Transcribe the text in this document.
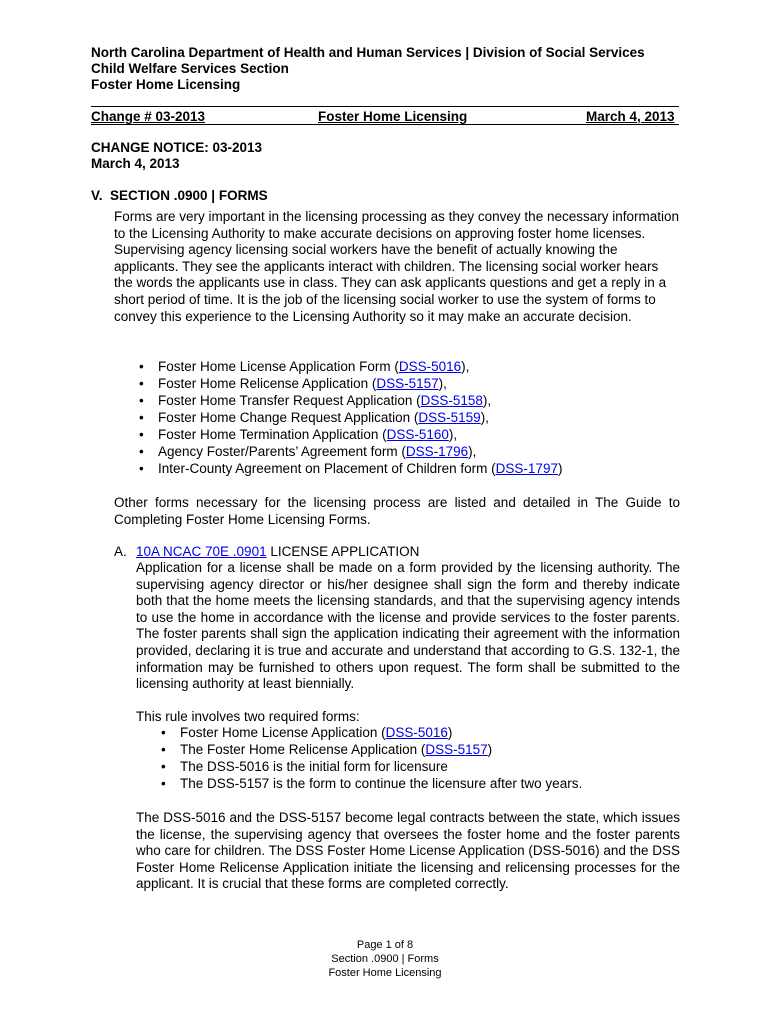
North Carolina Department of Health and Human Services | Division of Social Services
Child Welfare Services Section
Foster Home Licensing
Change # 03-2013	Foster Home Licensing	March 4, 2013
CHANGE NOTICE: 03-2013
March 4, 2013
V.  SECTION .0900 | FORMS
Forms are very important in the licensing processing as they convey the necessary information to the Licensing Authority to make accurate decisions on approving foster home licenses. Supervising agency licensing social workers have the benefit of actually knowing the applicants. They see the applicants interact with children. The licensing social worker hears the words the applicants use in class. They can ask applicants questions and get a reply in a short period of time. It is the job of the licensing social worker to use the system of forms to convey this experience to the Licensing Authority so it may make an accurate decision.
• Foster Home License Application Form (DSS-5016),
• Foster Home Relicense Application (DSS-5157),
• Foster Home Transfer Request Application (DSS-5158),
• Foster Home Change Request Application (DSS-5159),
• Foster Home Termination Application (DSS-5160),
• Agency Foster/Parents’ Agreement form (DSS-1796),
• Inter-County Agreement on Placement of Children form (DSS-1797)
Other forms necessary for the licensing process are listed and detailed in The Guide to Completing Foster Home Licensing Forms.
A. 10A NCAC 70E .0901 LICENSE APPLICATION
Application for a license shall be made on a form provided by the licensing authority. The supervising agency director or his/her designee shall sign the form and thereby indicate both that the home meets the licensing standards, and that the supervising agency intends to use the home in accordance with the license and provide services to the foster parents. The foster parents shall sign the application indicating their agreement with the information provided, declaring it is true and accurate and understand that according to G.S. 132-1, the information may be furnished to others upon request. The form shall be submitted to the licensing authority at least biennially.
This rule involves two required forms:
• Foster Home License Application (DSS-5016)
• The Foster Home Relicense Application (DSS-5157)
• The DSS-5016 is the initial form for licensure
• The DSS-5157 is the form to continue the licensure after two years.
The DSS-5016 and the DSS-5157 become legal contracts between the state, which issues the license, the supervising agency that oversees the foster home and the foster parents who care for children. The DSS Foster Home License Application (DSS-5016) and the DSS Foster Home Relicense Application initiate the licensing and relicensing processes for the applicant. It is crucial that these forms are completed correctly.
Page 1 of 8
Section .0900 | Forms
Foster Home Licensing
